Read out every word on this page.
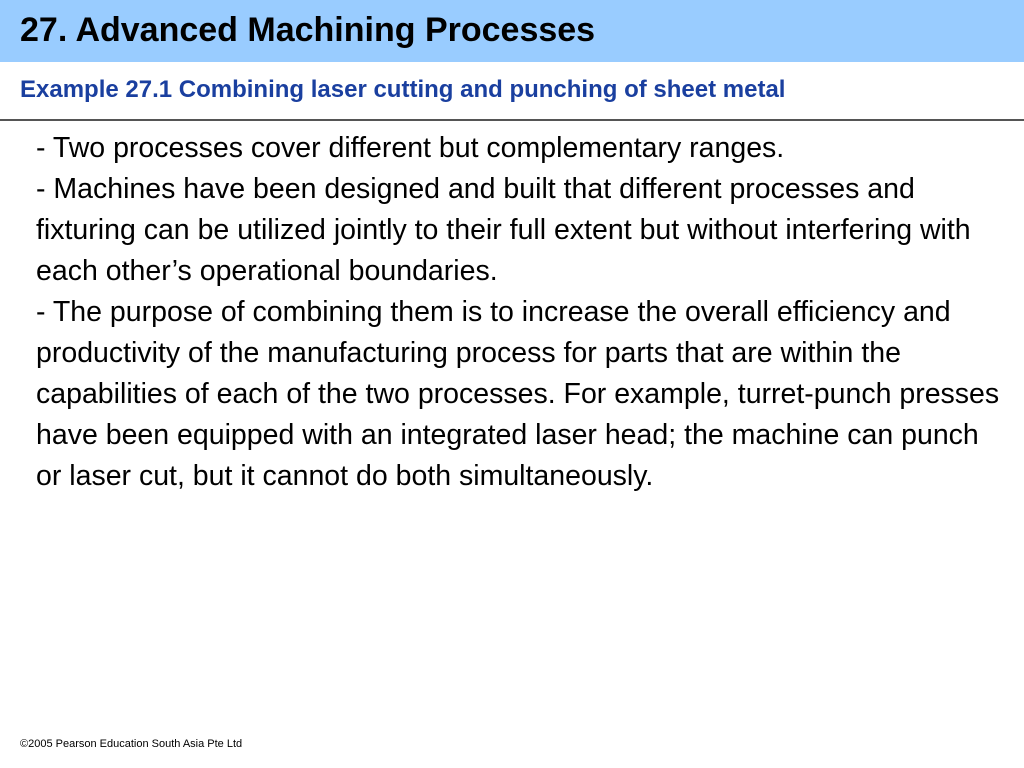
27. Advanced Machining Processes
Example 27.1 Combining laser cutting and punching of sheet metal

- Two processes cover different but complementary ranges.

- Machines have been designed and built that different processes and fixturing can be utilized jointly to their full extent but without interfering with each other’s operational boundaries.

- The purpose of combining them is to increase the overall efficiency and productivity of the manufacturing process for parts that are within the capabilities of each of the two processes. For example, turret-punch presses have been equipped with an integrated laser head; the machine can punch or laser cut, but it cannot do both simultaneously.

©2005 Pearson Education South Asia Pte Ltd
